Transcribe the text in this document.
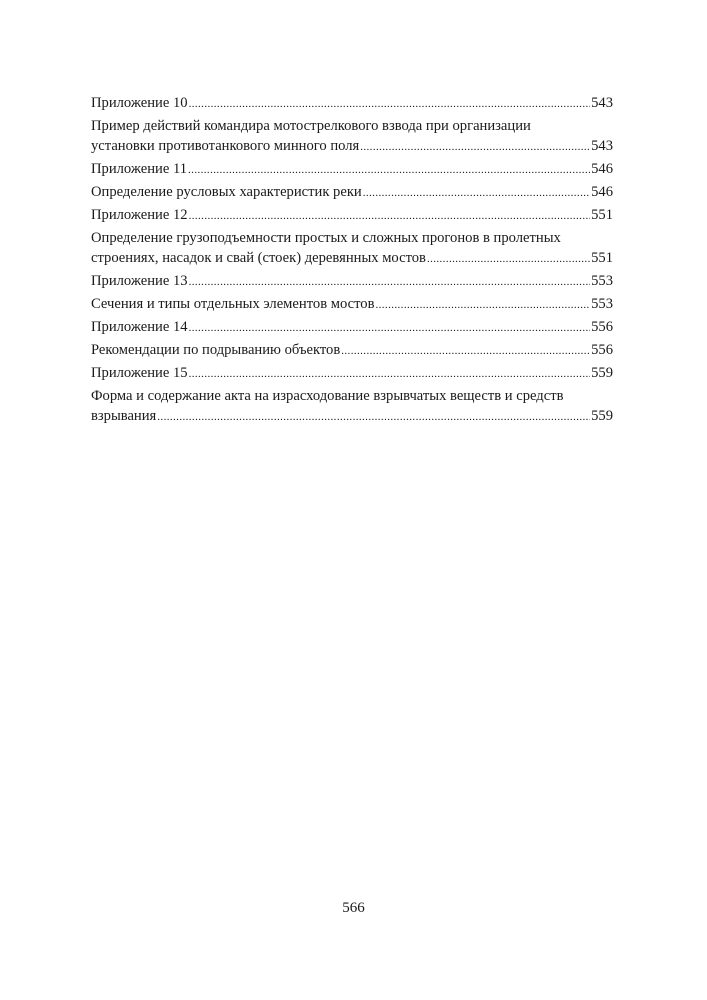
Приложение 10 .....	543
Пример действий командира мотострелкового взвода при организации
установки противотанкового минного поля .....	543
Приложение 11 .....	546
Определение русловых характеристик реки .....	546
Приложение 12 .....	551
Определение грузоподъемности простых и сложных прогонов в пролетных
строениях, насадок и свай (стоек) деревянных мостов .....	551
Приложение 13 .....	553
Сечения и типы отдельных элементов мостов .....	553
Приложение 14 .....	556
Рекомендации по подрыванию объектов .....	556
Приложение 15 .....	559
Форма и содержание акта на израсходование взрывчатых веществ и средств
взрывания .....	559
566
